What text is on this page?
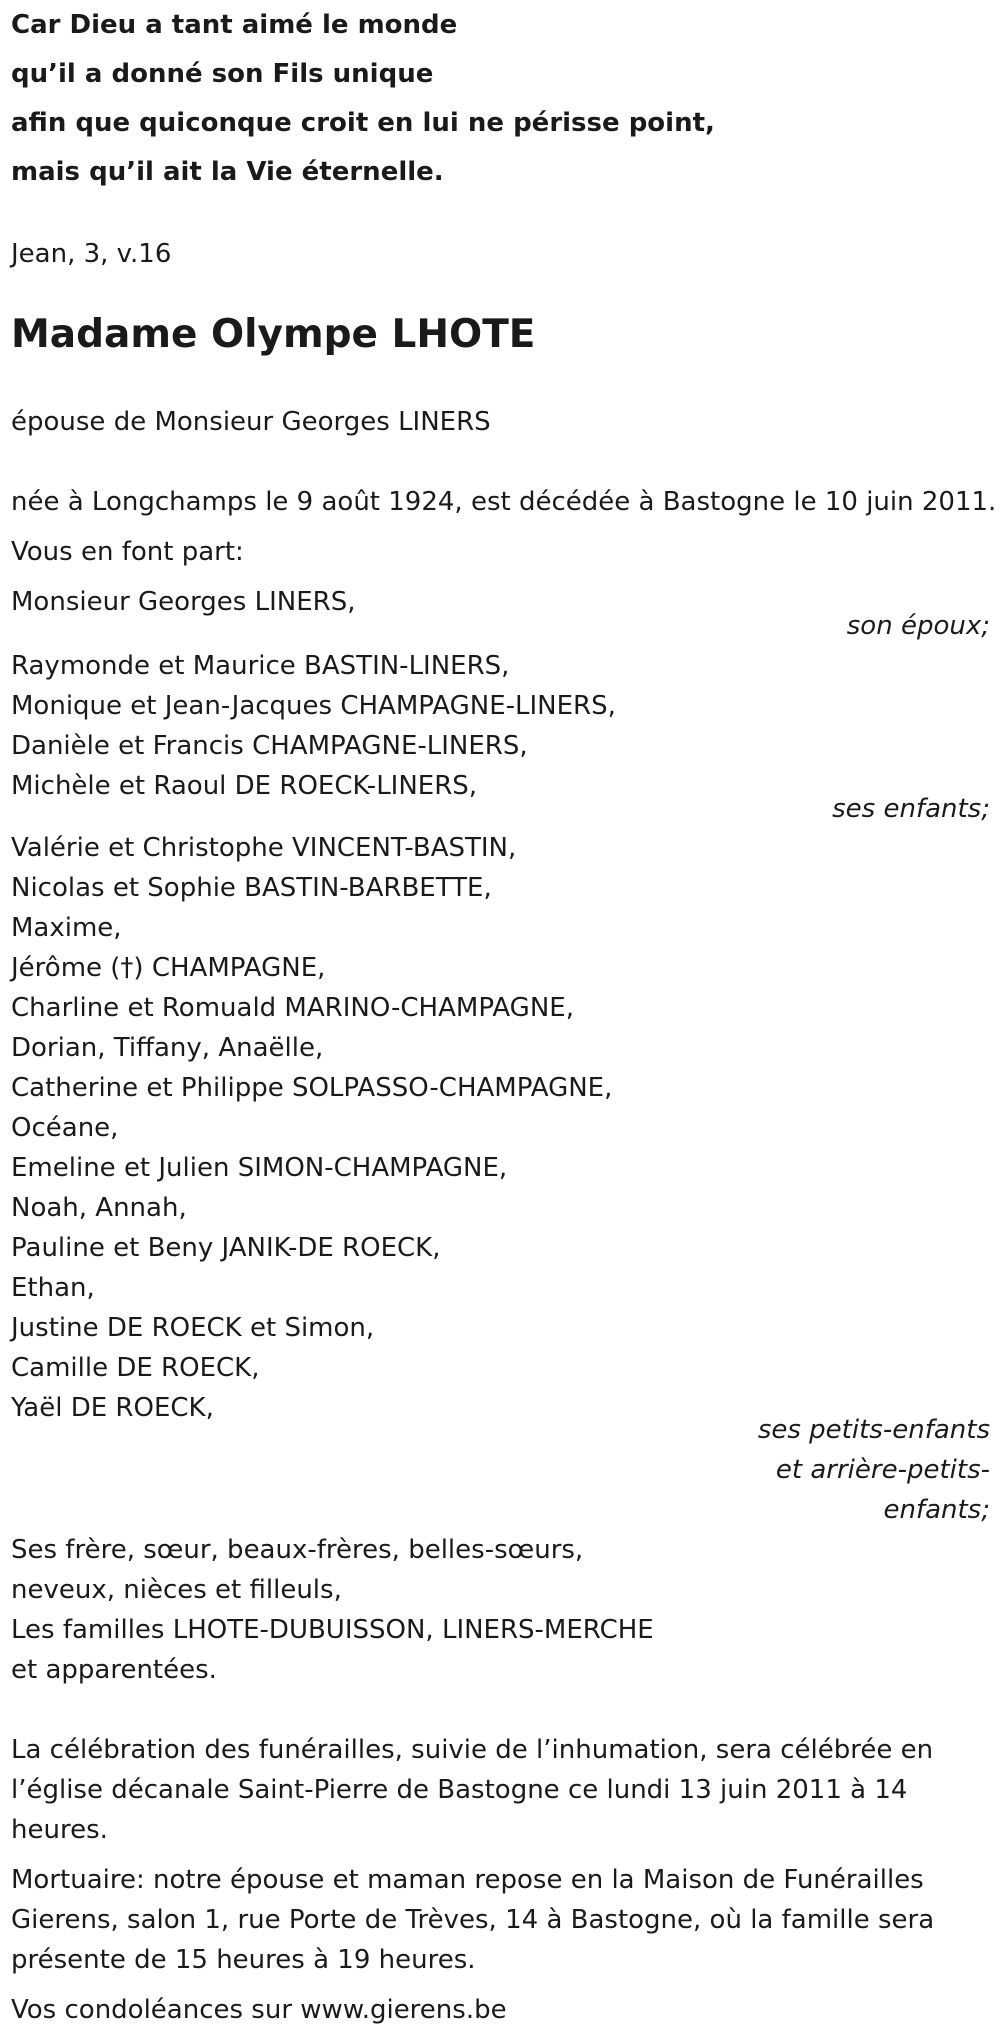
Car Dieu a tant aimé le monde
qu’il a donné son Fils unique
afin que quiconque croit en lui ne périsse point,
mais qu’il ait la Vie éternelle.
Jean, 3, v.16
Madame Olympe LHOTE
épouse de Monsieur Georges LINERS
née à Longchamps le 9 août 1924, est décédée à Bastogne le 10 juin 2011.
Vous en font part:
Monsieur Georges LINERS,
son époux;
Raymonde et Maurice BASTIN-LINERS,
Monique et Jean-Jacques CHAMPAGNE-LINERS,
Danièle et Francis CHAMPAGNE-LINERS,
Michèle et Raoul DE ROECK-LINERS,
ses enfants;
Valérie et Christophe VINCENT-BASTIN,
Nicolas et Sophie BASTIN-BARBETTE,
Maxime,
Jérôme (†) CHAMPAGNE,
Charline et Romuald MARINO-CHAMPAGNE,
Dorian, Tiffany, Anaëlle,
Catherine et Philippe SOLPASSO-CHAMPAGNE,
Océane,
Emeline et Julien SIMON-CHAMPAGNE,
Noah, Annah,
Pauline et Beny JANIK-DE ROECK,
Ethan,
Justine DE ROECK et Simon,
Camille DE ROECK,
Yaël DE ROECK,
ses petits-enfants
et arrière-petits-
enfants;
Ses frère, sœur, beaux-frères, belles-sœurs,
neveux, nièces et filleuls,
Les familles LHOTE-DUBUISSON, LINERS-MERCHE
et apparentées.
La célébration des funérailles, suivie de l’inhumation, sera célébrée en
l’église décanale Saint-Pierre de Bastogne ce lundi 13 juin 2011 à 14
heures.
Mortuaire: notre épouse et maman repose en la Maison de Funérailles
Gierens, salon 1, rue Porte de Trèves, 14 à Bastogne, où la famille sera
présente de 15 heures à 19 heures.
Vos condoléances sur www.gierens.be
